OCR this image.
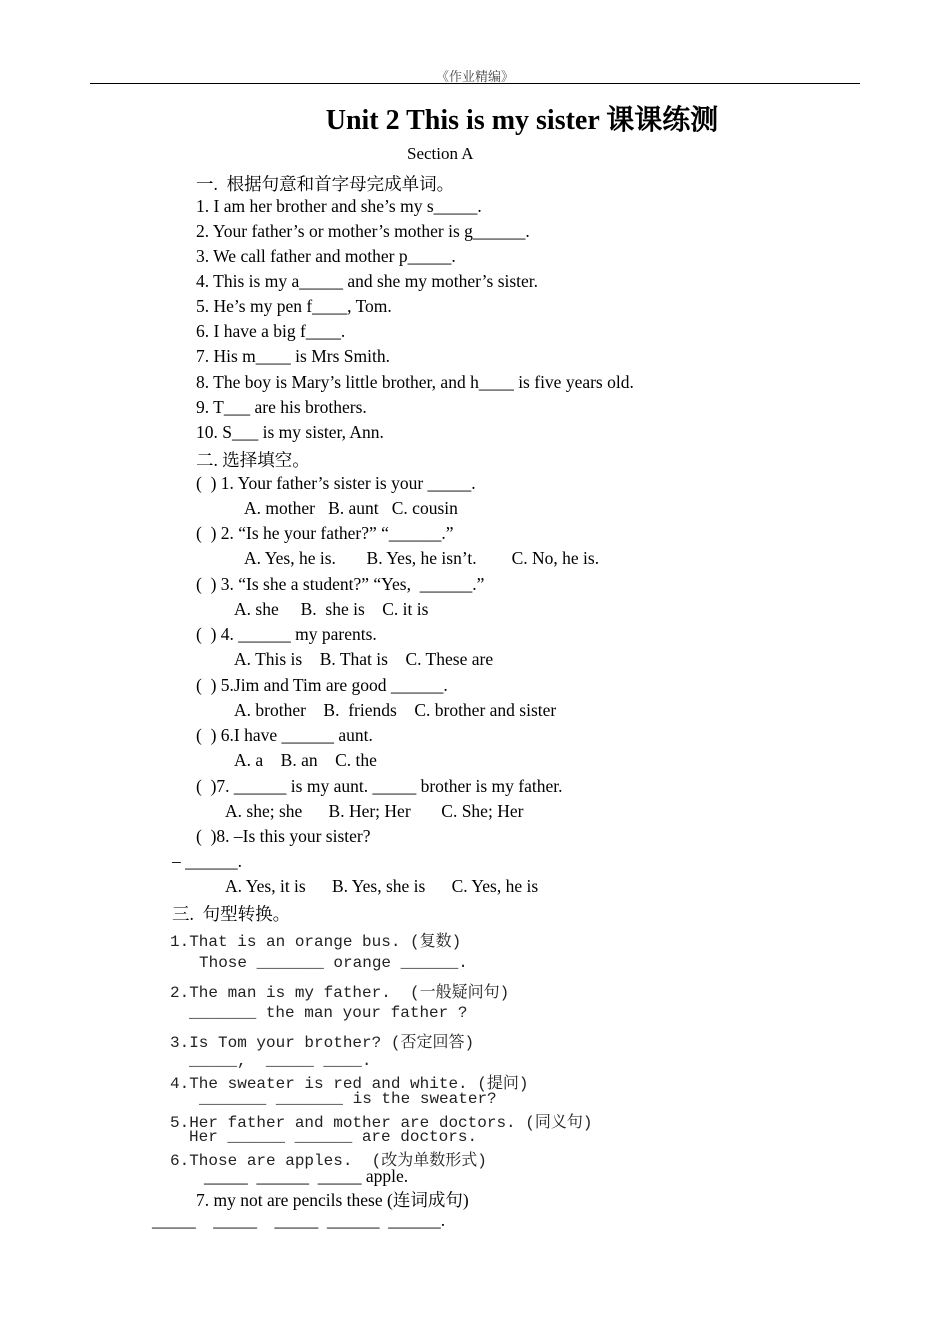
《作业精编》
Unit 2 This is my sister 课课练测
Section A
一.  根据句意和首字母完成单词。
1. I am her brother and she’s my s_____.
2. Your father’s or mother’s mother is g______.
3. We call father and mother p_____.
4. This is my a_____ and she my mother’s sister.
5. He’s my pen f____, Tom.
6. I have a big f____.
7. His m____ is Mrs Smith.
8. The boy is Mary’s little brother, and h____ is five years old.
9. T___ are his brothers.
10. S___ is my sister, Ann.
二. 选择填空。
(  ) 1. Your father’s sister is your _____.
A. mother   B. aunt   C. cousin
(  ) 2. “Is he your father?” “______.”
A. Yes, he is.       B. Yes, he isn’t.        C. No, he is.
(  ) 3. “Is she a student?” “Yes,  ______.”
A. she     B.  she is    C. it is
(  ) 4. ______ my parents.
A. This is    B. That is    C. These are
(  ) 5.Jim and Tim are good ______.
A. brother    B.  friends    C. brother and sister
(  ) 6.I have ______ aunt.
A. a    B. an    C. the
(  )7. ______ is my aunt. _____ brother is my father.
A. she; she      B. Her; Her       C. She; Her
(  )8. –Is this your sister?
– ______.
A. Yes, it is      B. Yes, she is      C. Yes, he is
三.  句型转换。
1.That is an orange bus. (复数)
Those _______ orange ______.
2.The man is my father.  (一般疑问句)
_______ the man your father ?
3.Is Tom your brother? (否定回答)
_____,  _____ ____.
4.The sweater is red and white. (提问)
_______ _______ is the sweater?
5.Her father and mother are doctors. (同义句)
Her ______ ______ are doctors.
6.Those are apples.  (改为单数形式)
_____  ______  _____ apple.
7. my not are pencils these (连词成句)
_____    _____    _____  ______  ______.
